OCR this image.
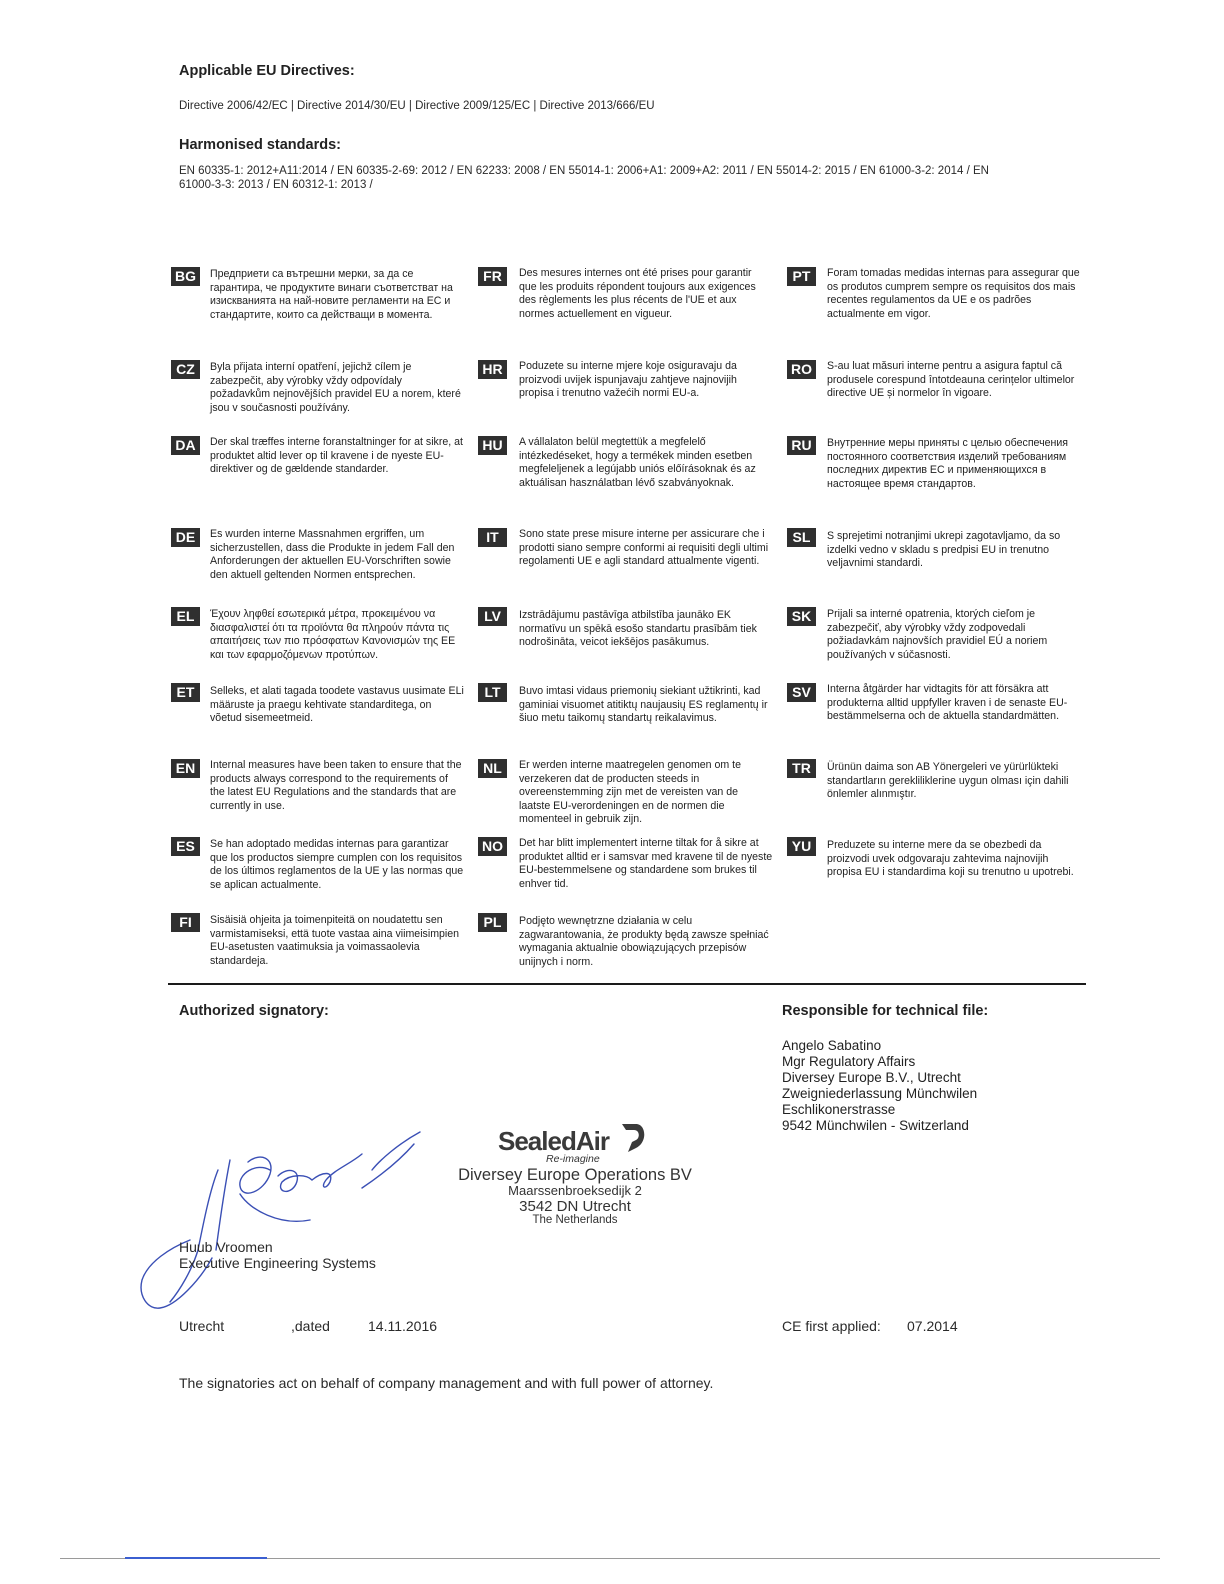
Applicable EU Directives:
Directive 2006/42/EC | Directive 2014/30/EU | Directive 2009/125/EC | Directive 2013/666/EU
Harmonised standards:
EN 60335-1: 2012+A11:2014 / EN 60335-2-69: 2012 / EN 62233: 2008 / EN 55014-1: 2006+A1: 2009+A2: 2011 / EN 55014-2: 2015 / EN 61000-3-2: 2014 / EN
61000-3-3: 2013 / EN 60312-1: 2013 /
BG	Предприети са вътрешни мерки, за да се гарантира, че продуктите винаги съответстват на изискванията на най-новите регламенти на ЕС и стандартите, които са действащи в момента.
CZ	Byla přijata interní opatření, jejichž cílem je zabezpečit, aby výrobky vždy odpovídaly požadavkům nejnovějších pravidel EU a norem, které jsou v současnosti používány.
DA	Der skal træffes interne foranstaltninger for at sikre, at produktet altid lever op til kravene i de nyeste EU-direktiver og de gældende standarder.
DE	Es wurden interne Massnahmen ergriffen, um sicherzustellen, dass die Produkte in jedem Fall den Anforderungen der aktuellen EU-Vorschriften sowie den aktuell geltenden Normen entsprechen.
EL	Έχουν ληφθεί εσωτερικά μέτρα, προκειμένου να διασφαλιστεί ότι τα προϊόντα θα πληρούν πάντα τις απαιτήσεις των πιο πρόσφατων Κανονισμών της ΕΕ και των εφαρμοζόμενων προτύπων.
ET	Selleks, et alati tagada toodete vastavus uusimate ELi määruste ja praegu kehtivate standarditega, on võetud sisemeetmeid.
EN	Internal measures have been taken to ensure that the products always correspond to the requirements of the latest EU Regulations and the standards that are currently in use.
ES	Se han adoptado medidas internas para garantizar que los productos siempre cumplen con los requisitos de los últimos reglamentos de la UE y las normas que se aplican actualmente.
FI	Sisäisiä ohjeita ja toimenpiteitä on noudatettu sen varmistamiseksi, että tuote vastaa aina viimeisimpien EU-asetusten vaatimuksia ja voimassaolevia standardeja.
FR	Des mesures internes ont été prises pour garantir que les produits répondent toujours aux exigences des règlements les plus récents de l'UE et aux normes actuellement en vigueur.
HR	Poduzete su interne mjere koje osiguravaju da proizvodi uvijek ispunjavaju zahtjeve najnovijih propisa i trenutno važećih normi EU-a.
HU	A vállalaton belül megtettük a megfelelő intézkedéseket, hogy a termékek minden esetben megfeleljenek a legújabb uniós előírásoknak és az aktuálisan használatban lévő szabványoknak.
IT	Sono state prese misure interne per assicurare che i prodotti siano sempre conformi ai requisiti degli ultimi regolamenti UE e agli standard attualmente vigenti.
LV	Izstrādājumu pastāvīga atbilstība jaunāko EK normatīvu un spēkā esošo standartu prasībām tiek nodrošināta, veicot iekšējos pasākumus.
LT	Buvo imtasi vidaus priemonių siekiant užtikrinti, kad gaminiai visuomet atitiktų naujausių ES reglamentų ir šiuo metu taikomų standartų reikalavimus.
NL	Er werden interne maatregelen genomen om te verzekeren dat de producten steeds in overeenstemming zijn met de vereisten van de laatste EU-verordeningen en de normen die momenteel in gebruik zijn.
NO	Det har blitt implementert interne tiltak for å sikre at produktet alltid er i samsvar med kravene til de nyeste EU-bestemmelsene og standardene som brukes til enhver tid.
PL	Podjęto wewnętrzne działania w celu zagwarantowania, że produkty będą zawsze spełniać wymagania aktualnie obowiązujących przepisów unijnych i norm.
PT	Foram tomadas medidas internas para assegurar que os produtos cumprem sempre os requisitos dos mais recentes regulamentos da UE e os padrões actualmente em vigor.
RO	S-au luat măsuri interne pentru a asigura faptul că produsele corespund întotdeauna cerințelor ultimelor directive UE și normelor în vigoare.
RU	Внутренние меры приняты с целью обеспечения постоянного соответствия изделий требованиям последних директив ЕС и применяющихся в настоящее время стандартов.
SL	S sprejetimi notranjimi ukrepi zagotavljamo, da so izdelki vedno v skladu s predpisi EU in trenutno veljavnimi standardi.
SK	Prijali sa interné opatrenia, ktorých cieľom je zabezpečiť, aby výrobky vždy zodpovedali požiadavkám najnovších pravidiel EÚ a noriem používaných v súčasnosti.
SV	Interna åtgärder har vidtagits för att försäkra att produkterna alltid uppfyller kraven i de senaste EU-bestämmelserna och de aktuella standardmätten.
TR	Ürünün daima son AB Yönergeleri ve yürürlükteki standartların gerekliliklerine uygun olması için dahili önlemler alınmıştır.
YU	Preduzete su interne mere da se obezbedi da proizvodi uvek odgovaraju zahtevima najnovijih propisa EU i standardima koji su trenutno u upotrebi.
Authorized signatory:
Huub Vroomen
Executive Engineering Systems
SealedAir
Re-imagine
Diversey Europe Operations BV
Maarssenbroeksedijk 2
3542 DN Utrecht
The Netherlands
Responsible for technical file:
Angelo Sabatino
Mgr Regulatory Affairs
Diversey Europe B.V., Utrecht
Zweigniederlassung Münchwilen
Eschlikonerstrasse
9542 Münchwilen - Switzerland
Utrecht	,dated	14.11.2016	CE first applied: 07.2014
The signatories act on behalf of company management and with full power of attorney.
